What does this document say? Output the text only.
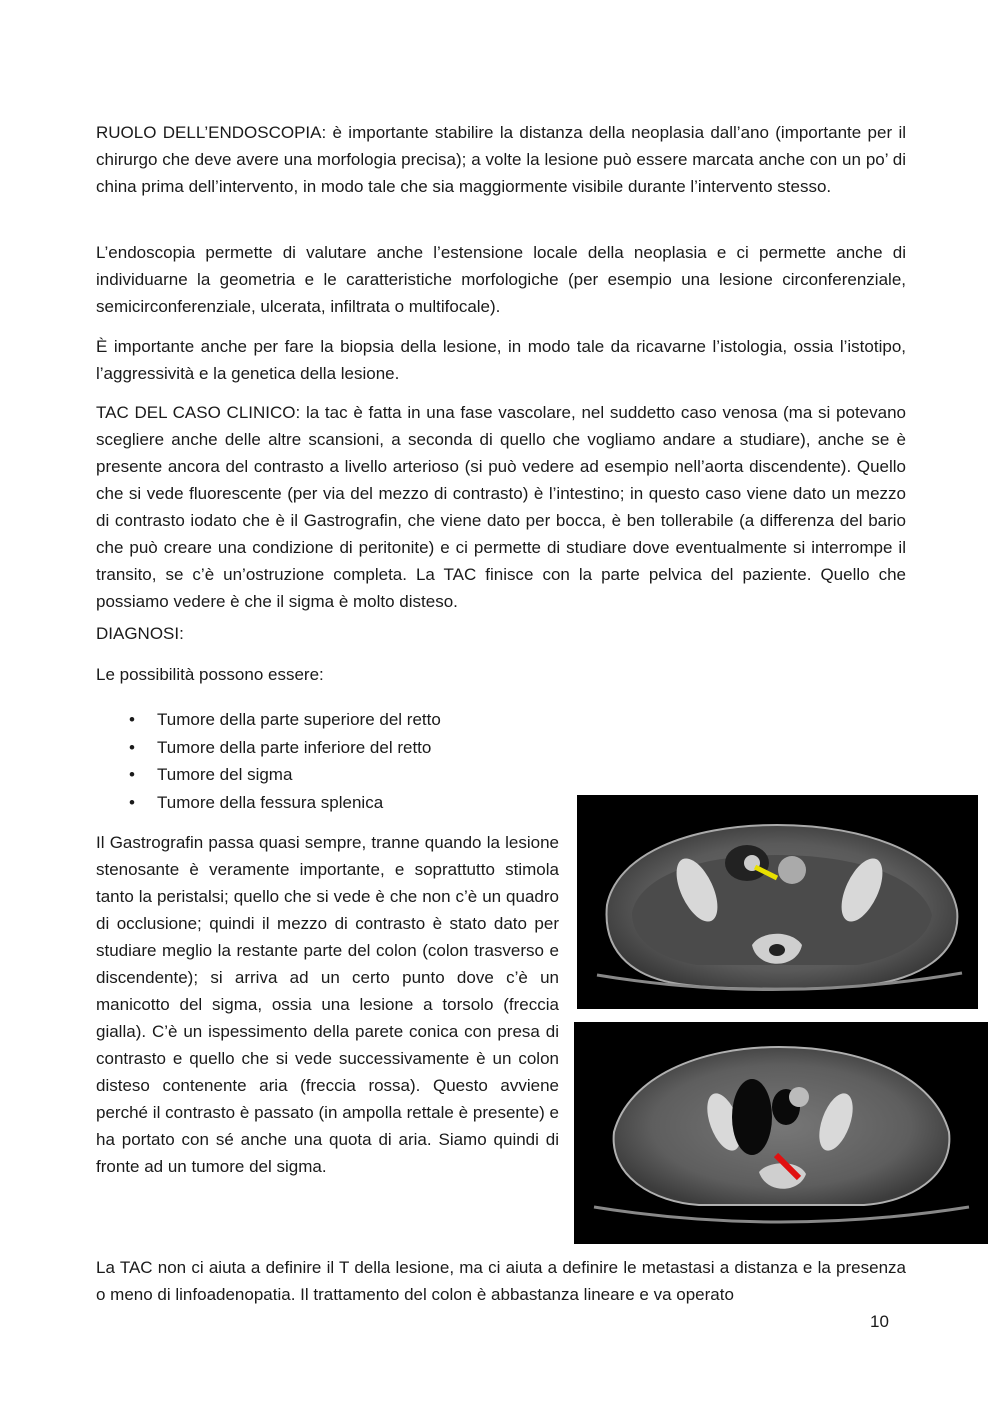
RUOLO DELL’ENDOSCOPIA: è importante stabilire la distanza della neoplasia dall’ano (importante per il chirurgo che deve avere una morfologia precisa); a volte la lesione può essere marcata anche con un po’ di china prima dell’intervento, in modo tale che sia maggiormente visibile durante l’intervento stesso.

L’endoscopia permette di valutare anche l’estensione locale della neoplasia e ci permette anche di individuarne la geometria e le caratteristiche morfologiche (per esempio una lesione circonferenziale, semicirconferenziale, ulcerata, infiltrata o multifocale).

È importante anche per fare la biopsia della lesione, in modo tale da ricavarne l’istologia, ossia l’istotipo, l’aggressività e la genetica della lesione.

TAC DEL CASO CLINICO: la tac è fatta in una fase vascolare, nel suddetto caso venosa (ma si potevano scegliere anche delle altre scansioni, a seconda di quello che vogliamo andare a studiare), anche se è presente ancora del contrasto a livello arterioso (si può vedere ad esempio nell’aorta discendente). Quello che si vede fluorescente (per via del mezzo di contrasto) è l’intestino; in questo caso viene dato un mezzo di contrasto iodato che è il Gastrografin, che viene dato per bocca, è ben tollerabile (a differenza del bario che può creare una condizione di peritonite) e ci permette di studiare dove eventualmente si interrompe il transito, se c’è un’ostruzione completa. La TAC finisce con la parte pelvica del paziente. Quello che possiamo vedere è che il sigma è molto disteso.

DIAGNOSI:

Le possibilità possono essere:

• Tumore della parte superiore del retto
• Tumore della parte inferiore del retto
• Tumore del sigma
• Tumore della fessura splenica
Il Gastrografin passa quasi sempre, tranne quando la lesione stenosante è veramente importante, e soprattutto stimola tanto la peristalsi; quello che si vede è che non c’è un quadro di occlusione; quindi il mezzo di contrasto è stato dato per studiare meglio la restante parte del colon (colon trasverso e discendente); si arriva ad un certo punto dove c’è un manicotto del sigma, ossia una lesione a torsolo (freccia gialla). C’è un ispessimento della parete conica con presa di contrasto e quello che si vede successivamente è un colon disteso contenente aria (freccia rossa). Questo avviene perché il contrasto è passato (in ampolla rettale è presente) e ha portato con sé anche una quota di aria. Siamo quindi di fronte ad un tumore del sigma.

La TAC non ci aiuta a definire il T della lesione, ma ci aiuta a definire le metastasi a distanza e la presenza o meno di linfoadenopatia. Il trattamento del colon è abbastanza lineare e va operato

10
